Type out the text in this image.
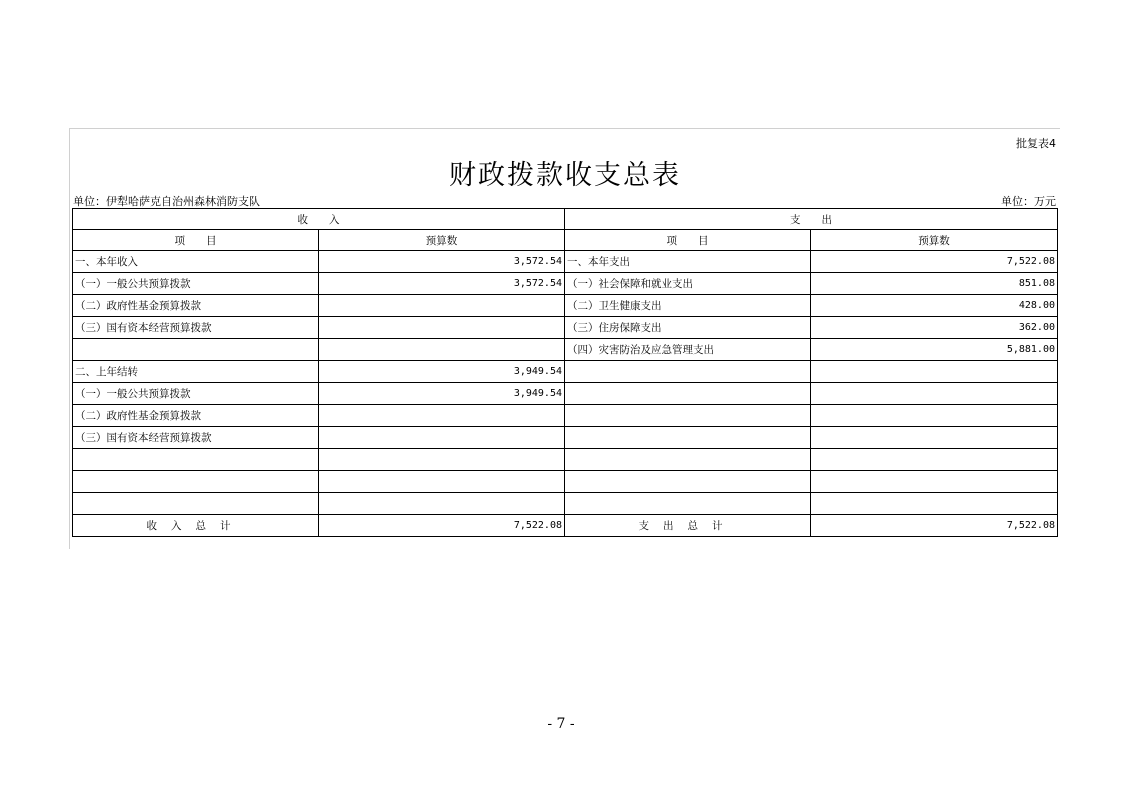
批复表4
财政拨款收支总表
单位：伊犁哈萨克自治州森林消防支队	单位：万元
收　　入		支　　出	
项　　目	预算数	项　　目	预算数
一、本年收入	3,572.54	一、本年支出	7,522.08
（一）一般公共预算拨款	3,572.54	（一）社会保障和就业支出	851.08
（二）政府性基金预算拨款		（二）卫生健康支出	428.00
（三）国有资本经营预算拨款		（三）住房保障支出	362.00
		（四）灾害防治及应急管理支出	5,881.00
二、上年结转	3,949.54		
（一）一般公共预算拨款	3,949.54		
（二）政府性基金预算拨款			
（三）国有资本经营预算拨款			

收入总计	7,522.08	支出总计	7,522.08
- 7 -
